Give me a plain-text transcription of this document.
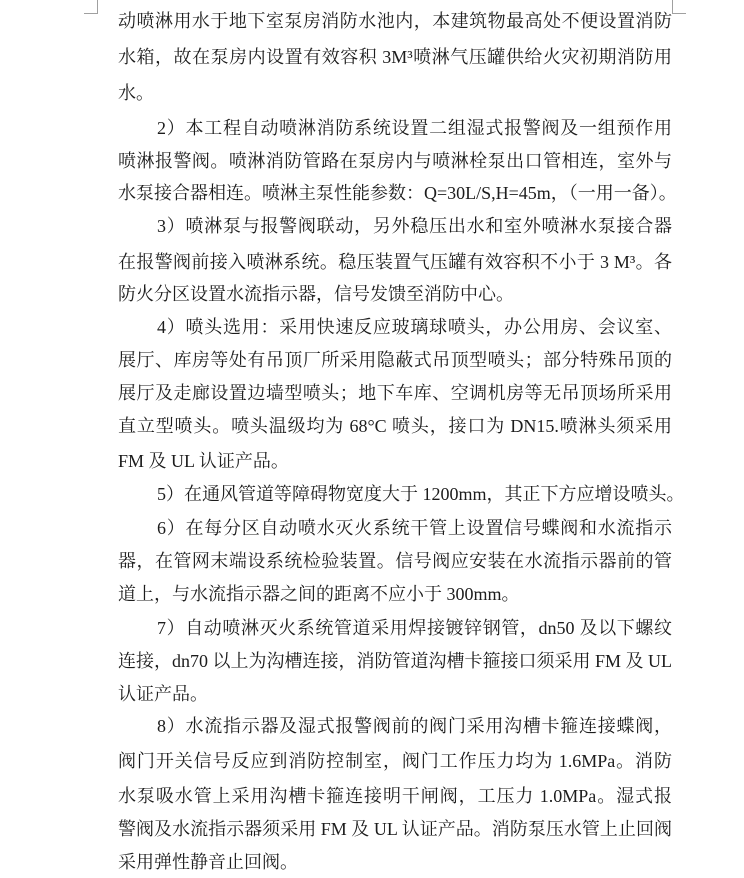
动喷淋用水于地下室泵房消防水池内，本建筑物最高处不便设置消防
水箱，故在泵房内设置有效容积 3M³喷淋气压罐供给火灾初期消防用
水。
2）本工程自动喷淋消防系统设置二组湿式报警阀及一组预作用
喷淋报警阀。喷淋消防管路在泵房内与喷淋栓泵出口管相连，室外与
水泵接合器相连。喷淋主泵性能参数：Q=30L/S,H=45m，（一用一备）。
3）喷淋泵与报警阀联动，另外稳压出水和室外喷淋水泵接合器
在报警阀前接入喷淋系统。稳压装置气压罐有效容积不小于 3 M³。各
防火分区设置水流指示器，信号发馈至消防中心。
4）喷头选用：采用快速反应玻璃球喷头，办公用房、会议室、
展厅、库房等处有吊顶厂所采用隐蔽式吊顶型喷头；部分特殊吊顶的
展厅及走廊设置边墙型喷头；地下车库、空调机房等无吊顶场所采用
直立型喷头。喷头温级均为 68°C 喷头，接口为 DN15.喷淋头须采用
FM 及 UL 认证产品。
5）在通风管道等障碍物宽度大于 1200mm，其正下方应增设喷头。
6）在每分区自动喷水灭火系统干管上设置信号蝶阀和水流指示
器，在管网末端设系统检验装置。信号阀应安装在水流指示器前的管
道上，与水流指示器之间的距离不应小于 300mm。
7）自动喷淋灭火系统管道采用焊接镀锌钢管，dn50 及以下螺纹
连接，dn70 以上为沟槽连接，消防管道沟槽卡箍接口须采用 FM 及 UL
认证产品。
8）水流指示器及湿式报警阀前的阀门采用沟槽卡箍连接蝶阀，
阀门开关信号反应到消防控制室，阀门工作压力均为 1.6MPa。消防
水泵吸水管上采用沟槽卡箍连接明干闸阀，工压力 1.0MPa。湿式报
警阀及水流指示器须采用 FM 及 UL 认证产品。消防泵压水管上止回阀
采用弹性静音止回阀。
